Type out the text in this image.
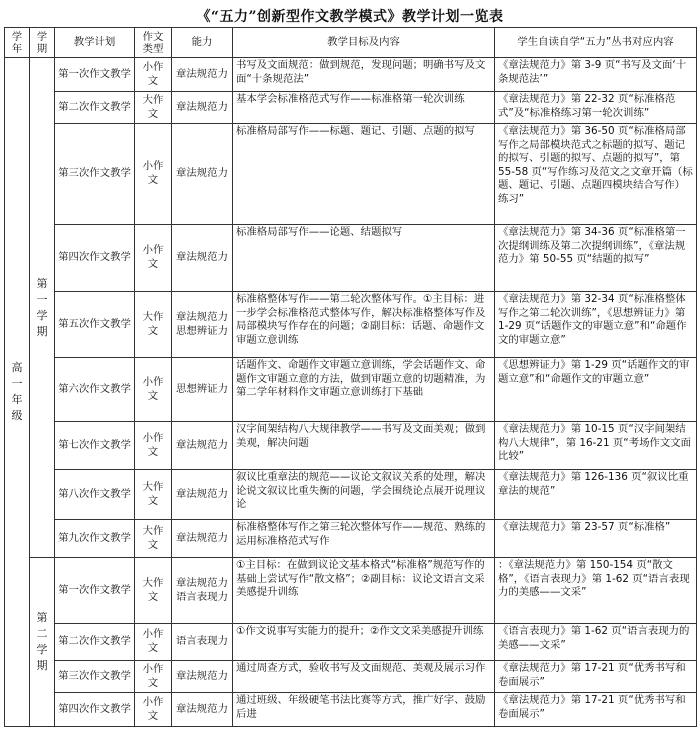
《“五力”创新型作文教学模式》教学计划一览表
学年	学期	教学计划	作文类型	能力	教学目标及内容	学生自读自学“五力”丛书对应内容
高一年级	第一学期	第一次作文教学	小作文	章法规范力	书写及文面规范：做到规范，发现问题；明确书写及文面“十条规范法”	《章法规范力》第 3-9 页“书写及文面‘十条规范法’”
		第二次作文教学	大作文	章法规范力	基本学会标准格范式写作——标准格第一轮次训练	《章法规范力》第 22-32 页“标准格范式”及“标准格练习第一轮次训练”
		第三次作文教学	小作文	章法规范力	标准格局部写作——标题、题记、引题、点题的拟写	《章法规范力》第 36-50 页“标准格局部写作之局部模块范式之标题的拟写、题记的拟写、引题的拟写、点题的拟写”，第 55-58 页“写作练习及范文之文章开篇（标题、题记、引题、点题四模块结合写作）练习”
		第四次作文教学	小作文	章法规范力	标准格局部写作——论题、结题拟写	《章法规范力》第 34-36 页“标准格第一次提纲训练及第二次提纲训练”，《章法规范力》第 50-55 页“结题的拟写”
		第五次作文教学	大作文	章法规范力 思想辨证力	标准格整体写作——第二轮次整体写作。①主目标：进一步学会标准格范式整体写作，解决标准格整体写作及局部模块写作存在的问题；②副目标：话题、命题作文审题立意训练	《章法规范力》第 32-34 页“标准格整体写作之第二轮次训练”，《思想辨证力》第 1-29 页“话题作文的审题立意”和“命题作文的审题立意”
		第六次作文教学	小作文	思想辨证力	话题作文、命题作文审题立意训练，学会话题作文、命题作文审题立意的方法，做到审题立意的切题精准，为第二学年材料作文审题立意训练打下基础	《思想辨证力》第 1-29 页“话题作文的审题立意”和“命题作文的审题立意”
		第七次作文教学	小作文	章法规范力	汉字间架结构八大规律教学——书写及文面美观；做到美观，解决问题	《章法规范力》第 10-15 页“汉字间架结构八大规律”，第 16-21 页“考场作文文面比较”
		第八次作文教学	大作文	章法规范力	叙议比重章法的规范——议论文叙议关系的处理，解决论说文叙议比重失衡的问题，学会围绕论点展开说理议论	《章法规范力》第 126-136 页“叙议比重章法的规范”
		第九次作文教学	大作文	章法规范力	标准格整体写作之第三轮次整体写作——规范、熟练的运用标准格范式写作	《章法规范力》第 23-57 页“标准格”
	第二学期	第一次作文教学	大作文	章法规范力 语言表现力	①主目标：在做到议论文基本格式“标准格”规范写作的基础上尝试写作“散文格”；②副目标：议论文语言文采美感提升训练	：《章法规范力》第 150-154 页“散文格”，《语言表现力》第 1-62 页“语言表现力的美感——文采”
		第二次作文教学	小作文	语言表现力	①作文说事写实能力的提升；②作文文采美感提升训练	《语言表现力》第 1-62 页“语言表现力的美感——文采”
		第三次作文教学	小作文	章法规范力	通过周查方式，验收书写及文面规范、美观及展示习作	《章法规范力》第 17-21 页“优秀书写和卷面展示”
		第四次作文教学	小作文	章法规范力	通过班级、年级硬笔书法比赛等方式，推广好字、鼓励后进	《章法规范力》第 17-21 页“优秀书写和卷面展示”
